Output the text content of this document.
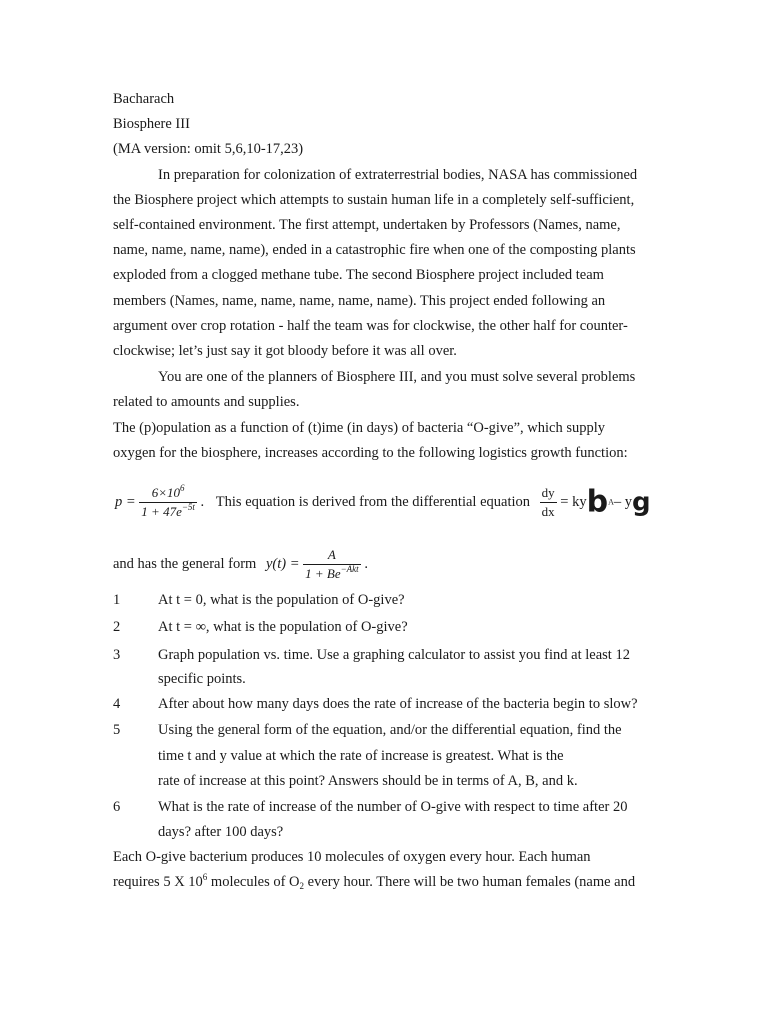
Bacharach
Biosphere III
(MA version: omit 5,6,10-17,23)
In preparation for colonization of extraterrestrial bodies, NASA has commissioned
the Biosphere project which attempts to sustain human life in a completely self-sufficient,
self-contained environment. The first attempt, undertaken by Professors (Names, name,
name, name, name, name), ended in a catastrophic fire when one of the composting plants
exploded from a clogged methane tube. The second Biosphere project included team
members (Names, name, name, name, name, name). This project ended following an
argument over crop rotation - half the team was for clockwise, the other half for counter-
clockwise; let’s just say it got bloody before it was all over.
You are one of the planners of Biosphere III, and you must solve several problems
related to amounts and supplies.
The (p)opulation as a function of (t)ime (in days) of bacteria “O-give”, which supply
oxygen for the biosphere, increases according to the following logistics growth function:
$p = \frac{6\times 10^6}{1 + 47e^{-5t}}$ . This equation is derived from the differential equation $\frac{dy}{dx}$ = kybA– yg
and has the general form $y(t) = \frac{A}{1 + Be^{-Akt}}$ .
1	At t = 0, what is the population of O-give?
2	At t = ∞, what is the population of O-give?
3	Graph population vs. time. Use a graphing calculator to assist you find at least 12
specific points.
4	After about how many days does the rate of increase of the bacteria begin to slow?
5	Using the general form of the equation, and/or the differential equation, find the
time t and y value at which the rate of increase is greatest. What is the
rate of increase at this point? Answers should be in terms of A, B, and k.
6	What is the rate of increase of the number of O-give with respect to time after 20
days? after 100 days?
Each O-give bacterium produces 10 molecules of oxygen every hour. Each human
requires 5 X $10^6$ molecules of $O_2$ every hour. There will be two human females (name and
